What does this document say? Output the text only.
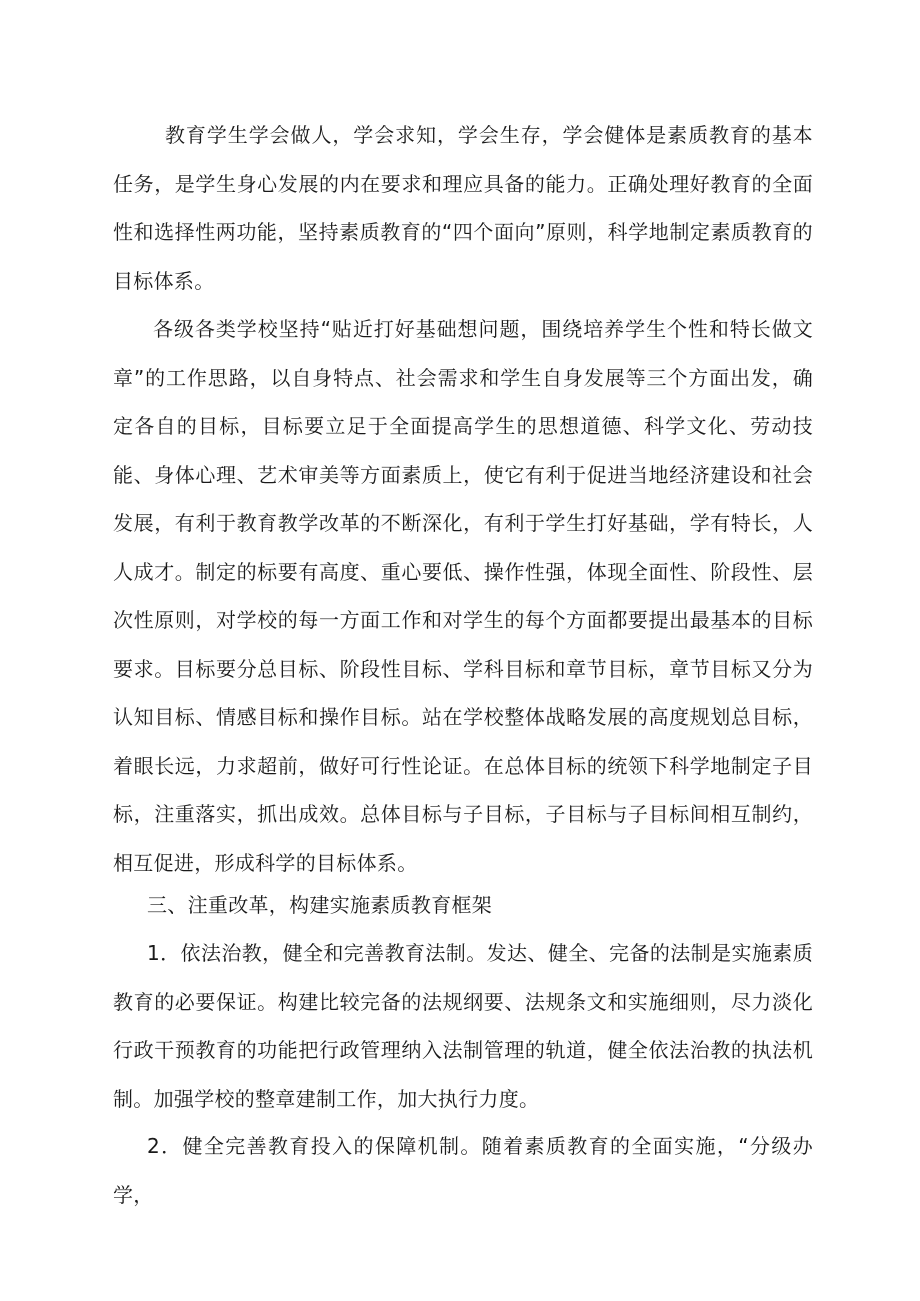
教育学生学会做人，学会求知，学会生存，学会健体是素质教育的基本任务，是学生身心发展的内在要求和理应具备的能力。正确处理好教育的全面性和选择性两功能，坚持素质教育的“四个面向”原则，科学地制定素质教育的目标体系。

各级各类学校坚持“贴近打好基础想问题，围绕培养学生个性和特长做文章”的工作思路，以自身特点、社会需求和学生自身发展等三个方面出发，确定各自的目标，目标要立足于全面提高学生的思想道德、科学文化、劳动技能、身体心理、艺术审美等方面素质上，使它有利于促进当地经济建设和社会发展，有利于教育教学改革的不断深化，有利于学生打好基础，学有特长，人人成才。制定的标要有高度、重心要低、操作性强，体现全面性、阶段性、层次性原则，对学校的每一方面工作和对学生的每个方面都要提出最基本的目标要求。目标要分总目标、阶段性目标、学科目标和章节目标，章节目标又分为认知目标、情感目标和操作目标。站在学校整体战略发展的高度规划总目标，着眼长远，力求超前，做好可行性论证。在总体目标的统领下科学地制定子目标，注重落实，抓出成效。总体目标与子目标，子目标与子目标间相互制约，相互促进，形成科学的目标体系。

三、注重改革，构建实施素质教育框架

1．依法治教，健全和完善教育法制。发达、健全、完备的法制是实施素质教育的必要保证。构建比较完备的法规纲要、法规条文和实施细则，尽力淡化行政干预教育的功能把行政管理纳入法制管理的轨道，健全依法治教的执法机制。加强学校的整章建制工作，加大执行力度。

2．健全完善教育投入的保障机制。随着素质教育的全面实施，“分级办学，
